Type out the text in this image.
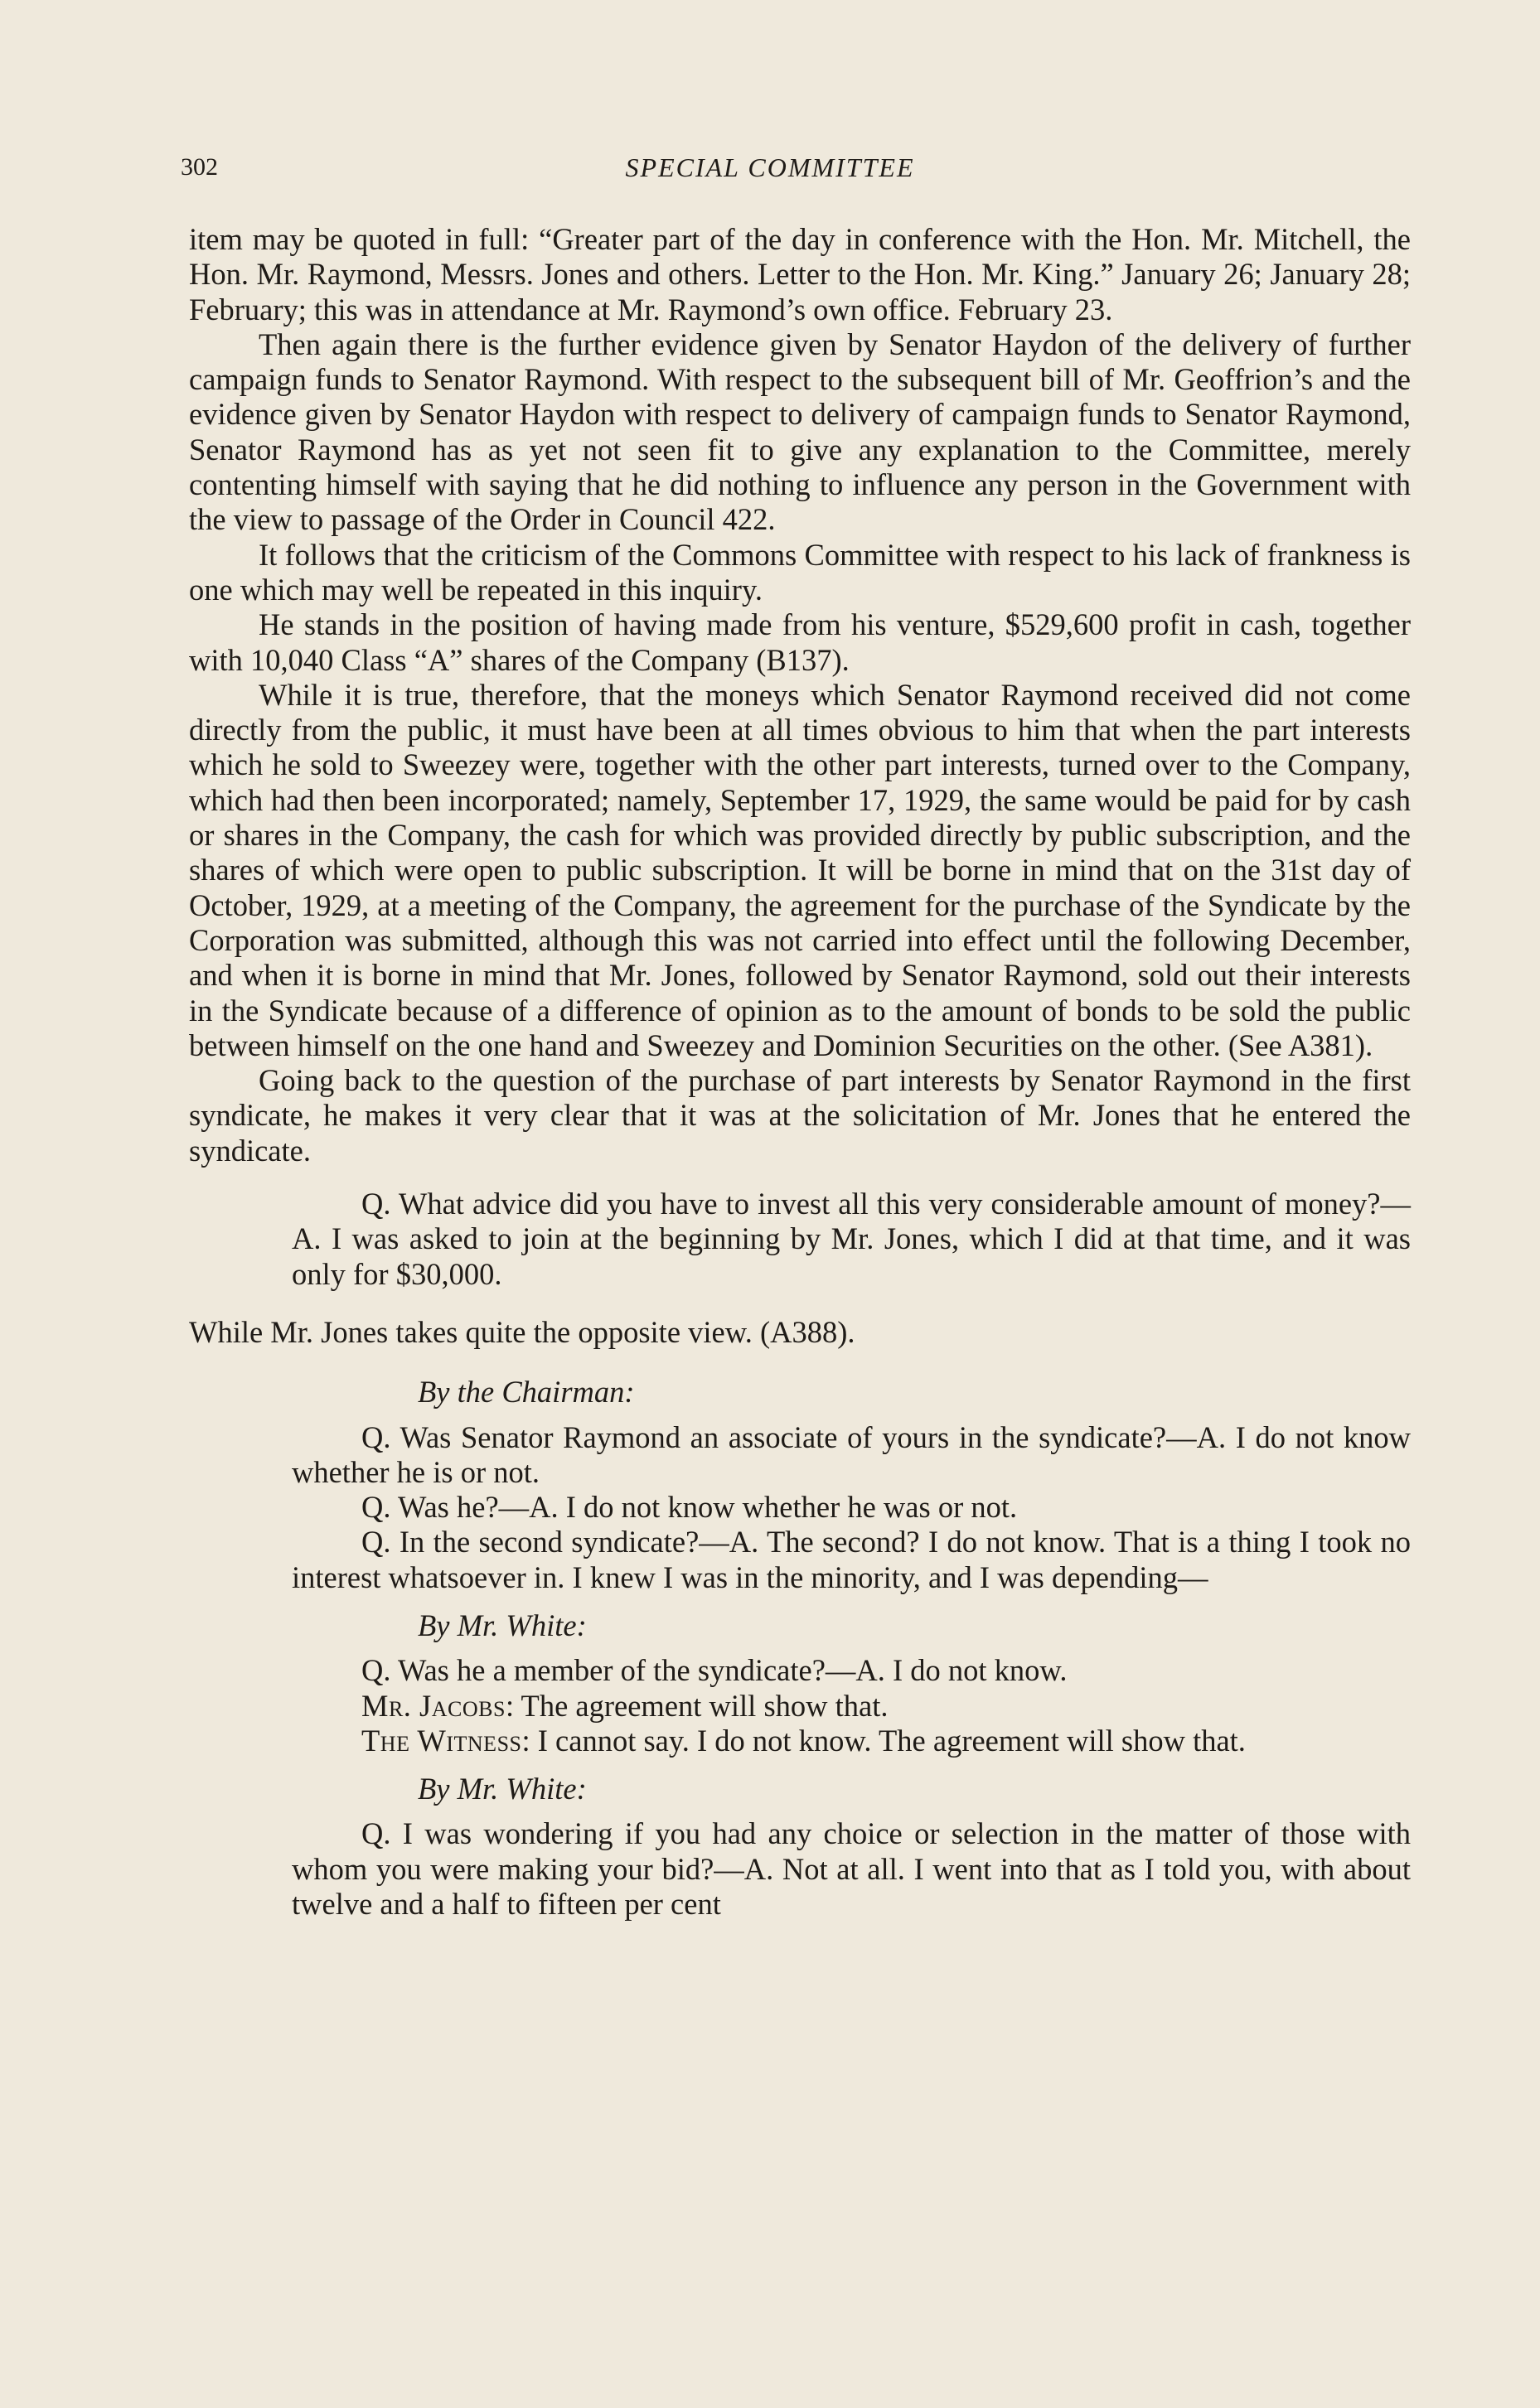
302	SPECIAL COMMITTEE

item may be quoted in full: “Greater part of the day in conference with the Hon. Mr. Mitchell, the Hon. Mr. Raymond, Messrs. Jones and others. Letter to the Hon. Mr. King.” January 26; January 28; February; this was in attendance at Mr. Raymond’s own office. February 23.

Then again there is the further evidence given by Senator Haydon of the delivery of further campaign funds to Senator Raymond. With respect to the subsequent bill of Mr. Geoffrion’s and the evidence given by Senator Haydon with respect to delivery of campaign funds to Senator Raymond, Senator Raymond has as yet not seen fit to give any explanation to the Committee, merely contenting himself with saying that he did nothing to influence any person in the Government with the view to passage of the Order in Council 422.

It follows that the criticism of the Commons Committee with respect to his lack of frankness is one which may well be repeated in this inquiry.

He stands in the position of having made from his venture, $529,600 profit in cash, together with 10,040 Class “A” shares of the Company (B137).

While it is true, therefore, that the moneys which Senator Raymond received did not come directly from the public, it must have been at all times obvious to him that when the part interests which he sold to Sweezey were, together with the other part interests, turned over to the Company, which had then been incorporated; namely, September 17, 1929, the same would be paid for by cash or shares in the Company, the cash for which was provided directly by public subscription, and the shares of which were open to public subscription. It will be borne in mind that on the 31st day of October, 1929, at a meeting of the Company, the agreement for the purchase of the Syndicate by the Corporation was submitted, although this was not carried into effect until the following December, and when it is borne in mind that Mr. Jones, followed by Senator Raymond, sold out their interests in the Syndicate because of a difference of opinion as to the amount of bonds to be sold the public between himself on the one hand and Sweezey and Dominion Securities on the other. (See A381).

Going back to the question of the purchase of part interests by Senator Raymond in the first syndicate, he makes it very clear that it was at the solicitation of Mr. Jones that he entered the syndicate.

Q. What advice did you have to invest all this very considerable amount of money?—A. I was asked to join at the beginning by Mr. Jones, which I did at that time, and it was only for $30,000.

While Mr. Jones takes quite the opposite view. (A388).

By the Chairman:

Q. Was Senator Raymond an associate of yours in the syndicate?—A. I do not know whether he is or not.

Q. Was he?—A. I do not know whether he was or not.

Q. In the second syndicate?—A. The second? I do not know. That is a thing I took no interest whatsoever in. I knew I was in the minority, and I was depending—

By Mr. White:

Q. Was he a member of the syndicate?—A. I do not know.

Mr. Jacobs: The agreement will show that.

The Witness: I cannot say. I do not know. The agreement will show that.

By Mr. White:

Q. I was wondering if you had any choice or selection in the matter of those with whom you were making your bid?—A. Not at all. I went into that as I told you, with about twelve and a half to fifteen per cent
